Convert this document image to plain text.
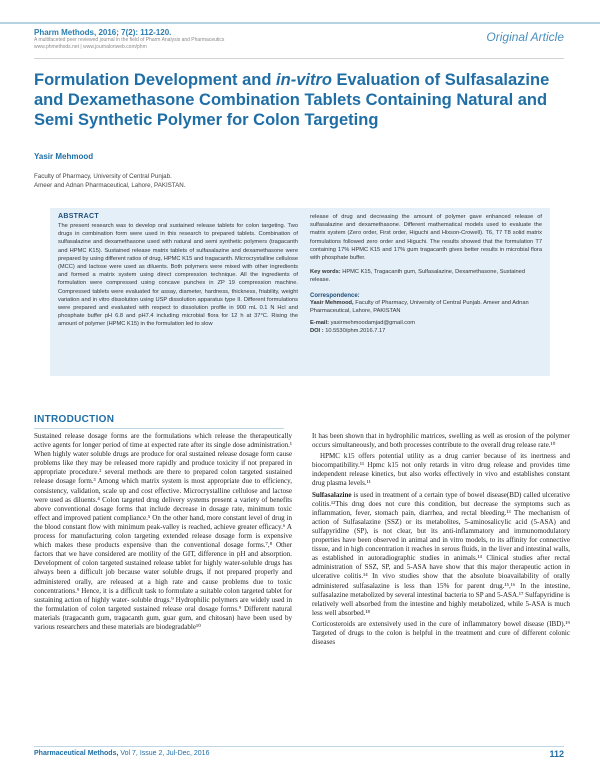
Pharm Methods, 2016; 7(2): 112-120.
A multifaceted peer reviewed journal in the field of Pharm Analysis and Pharmaceutics
www.phmethods.net | www.journalonweb.com/phm
Original Article
Formulation Development and in-vitro Evaluation of Sulfasalazine and Dexamethasone Combination Tablets Containing Natural and Semi Synthetic Polymer for Colon Targeting
Yasir Mehmood
Faculty of Pharmacy, University of Central Punjab.
Ameer and Adnan Pharmaceutical, Lahore, PAKISTAN.
ABSTRACT
The present research was to develop oral sustained release tablets for colon targeting. Two drugs in combination form were used in this research to prepared tablets. Combination of sulfasalazine and dexamethasone used with natural and semi synthetic polymers (tragacanth and HPMC K15). Sustained release matrix tablets of sulfasalazine and dexamethasone were prepared by using different ratios of drug, HPMC K15 and tragacanth. Microcrystalline cellulose (MCC) and lactose were used as diluents. Both polymers were mixed with other ingredients and formed a matrix system using direct compression technique. All the ingredients of formulation were compressed using concave punches in ZP 19 compression machine. Compressed tablets were evaluated for assay, diameter, hardness, thickness, friability, weight variation and in vitro dissolution using USP dissolution apparatus type II. Different formulations were prepared and evaluated with respect to dissolution profile in 900 mL 0.1 N Hcl and phosphate buffer pH 6.8 and pH7.4 including microbial flora for 12 h at 37°C. Rising the amount of polymer (HPMC K15) in the formulation led to slow
release of drug and decreasing the amount of polymer gave enhanced release of sulfasalazine and dexamethasone. Different mathematical models used to evaluate the matrix system (Zero order, First order, Higuchi and Hixson-Crowell). T6, T7 T8 solid matrix formulations followed zero order and Higuchi. The results showed that the formulation T7 containing 17% HPMC K15 and 17% gum tragacanth gives better results in microbial flora with phosphate buffer.
Key words: HPMC K15, Tragacanth gum, Sulfasalazine, Dexamethasone, Sustained release.
Correspondence:
Yasir Mehmood, Faculty of Pharmacy, University of Central Punjab. Ameer and Adnan Pharmaceutical, Lahore, PAKISTAN
E-mail: yasirmehmoodamjad@gmail.com
DOI : 10.5530/phm.2016.7.17
INTRODUCTION

Sustained release dosage forms are the formulations which release the therapeutically active agents for longer period of time at expected rate after its single dose administration.¹ When highly water soluble drugs are produce for oral sustained release dosage form cause problems like they may be released more rapidly and produce toxicity if not prepared in appropriate procedure.² several methods are there to prepared colon targeted sustained release dosage form.³ Among which matrix system is most appropriate due to efficiency, consistency, validation, scale up and cost effective. Microcrystalline cellulose and lactose were used as diluents.⁴ Colon targeted drug delivery systems present a variety of benefits above conventional dosage forms that include decrease in dosage rate, minimum toxic effect and improved patient compliance.⁵ On the other hand, more constant level of drug in the blood constant flow with minimum peak-valley is reached, achieve greater efficacy.⁶ A process for manufacturing colon targeting extended release dosage form is expensive which makes these products expensive than the conventional dosage forms.⁷,⁸ Other factors that we have considered are motility of the GIT, difference in pH and absorption. Development of colon targeted sustained release tablet for highly water-soluble drugs has always been a difficult job because water soluble drugs, if not prepared properly and administered orally, are released at a high rate and cause problems due to toxic concentrations.⁹ Hence, it is a difficult task to formulate a suitable colon targeted tablet for sustaining action of highly water- soluble drugs.⁹ Hydrophilic polymers are widely used in the formulation of colon targeted sustained release oral dosage forms.⁹ Different natural materials (tragacanth gum, tragacanth gum, guar gum, and chitosan) have been used by various researchers and these materials are biodegradable¹⁰

It has been shown that in hydrophilic matrices, swelling as well as erosion of the polymer occurs simultaneously, and both processes contribute to the overall drug release rate.¹⁰

HPMC k15 offers potential utility as a drug carrier because of its inertness and biocompatibility.¹¹ Hpmc k15 not only retards in vitro drug release and provides time independent release kinetics, but also works effectively in vivo and establishes constant drug plasma levels.¹¹

Sulfasalazine is used in treatment of a certain type of bowel disease(BD) called ulcerative colitis.¹²This drug does not cure this condition, but decrease the symptoms such as inflammation, fever, stomach pain, diarrhea, and rectal bleeding.¹³ The mechanism of action of Sulfasalazine (SSZ) or its metabolites, 5-aminosalicylic acid (5-ASA) and sulfapyridine (SP), is not clear, but its anti-inflammatory and immunomodulatory properties have been observed in animal and in vitro models, to its affinity for connective tissue, and in high concentration it reaches in serous fluids, in the liver and intestinal walls, as established in autoradiographic studies in animals.¹⁴ Clinical studies after rectal administration of SSZ, SP, and 5-ASA have show that this major therapeutic action in ulcerative colitis.¹⁴ In vivo studies show that the absolute bioavailability of orally administered sulfasalazine is less than 15% for parent drug.¹⁵,¹⁶ In the intestine, sulfasalazine metabolized by several intestinal bacteria to SP and 5-ASA.¹⁷ Sulfapyridine is relatively well absorbed from the intestine and highly metabolized, while 5-ASA is much less well absorbed.¹⁸

Corticosteroids are extensively used in the cure of inflammatory bowel disease (IBD).¹⁹ Targeted of drugs to the colon is helpful in the treatment and cure of different colonic diseases

Pharmaceutical Methods, Vol 7, Issue 2, Jul-Dec, 2016	112
